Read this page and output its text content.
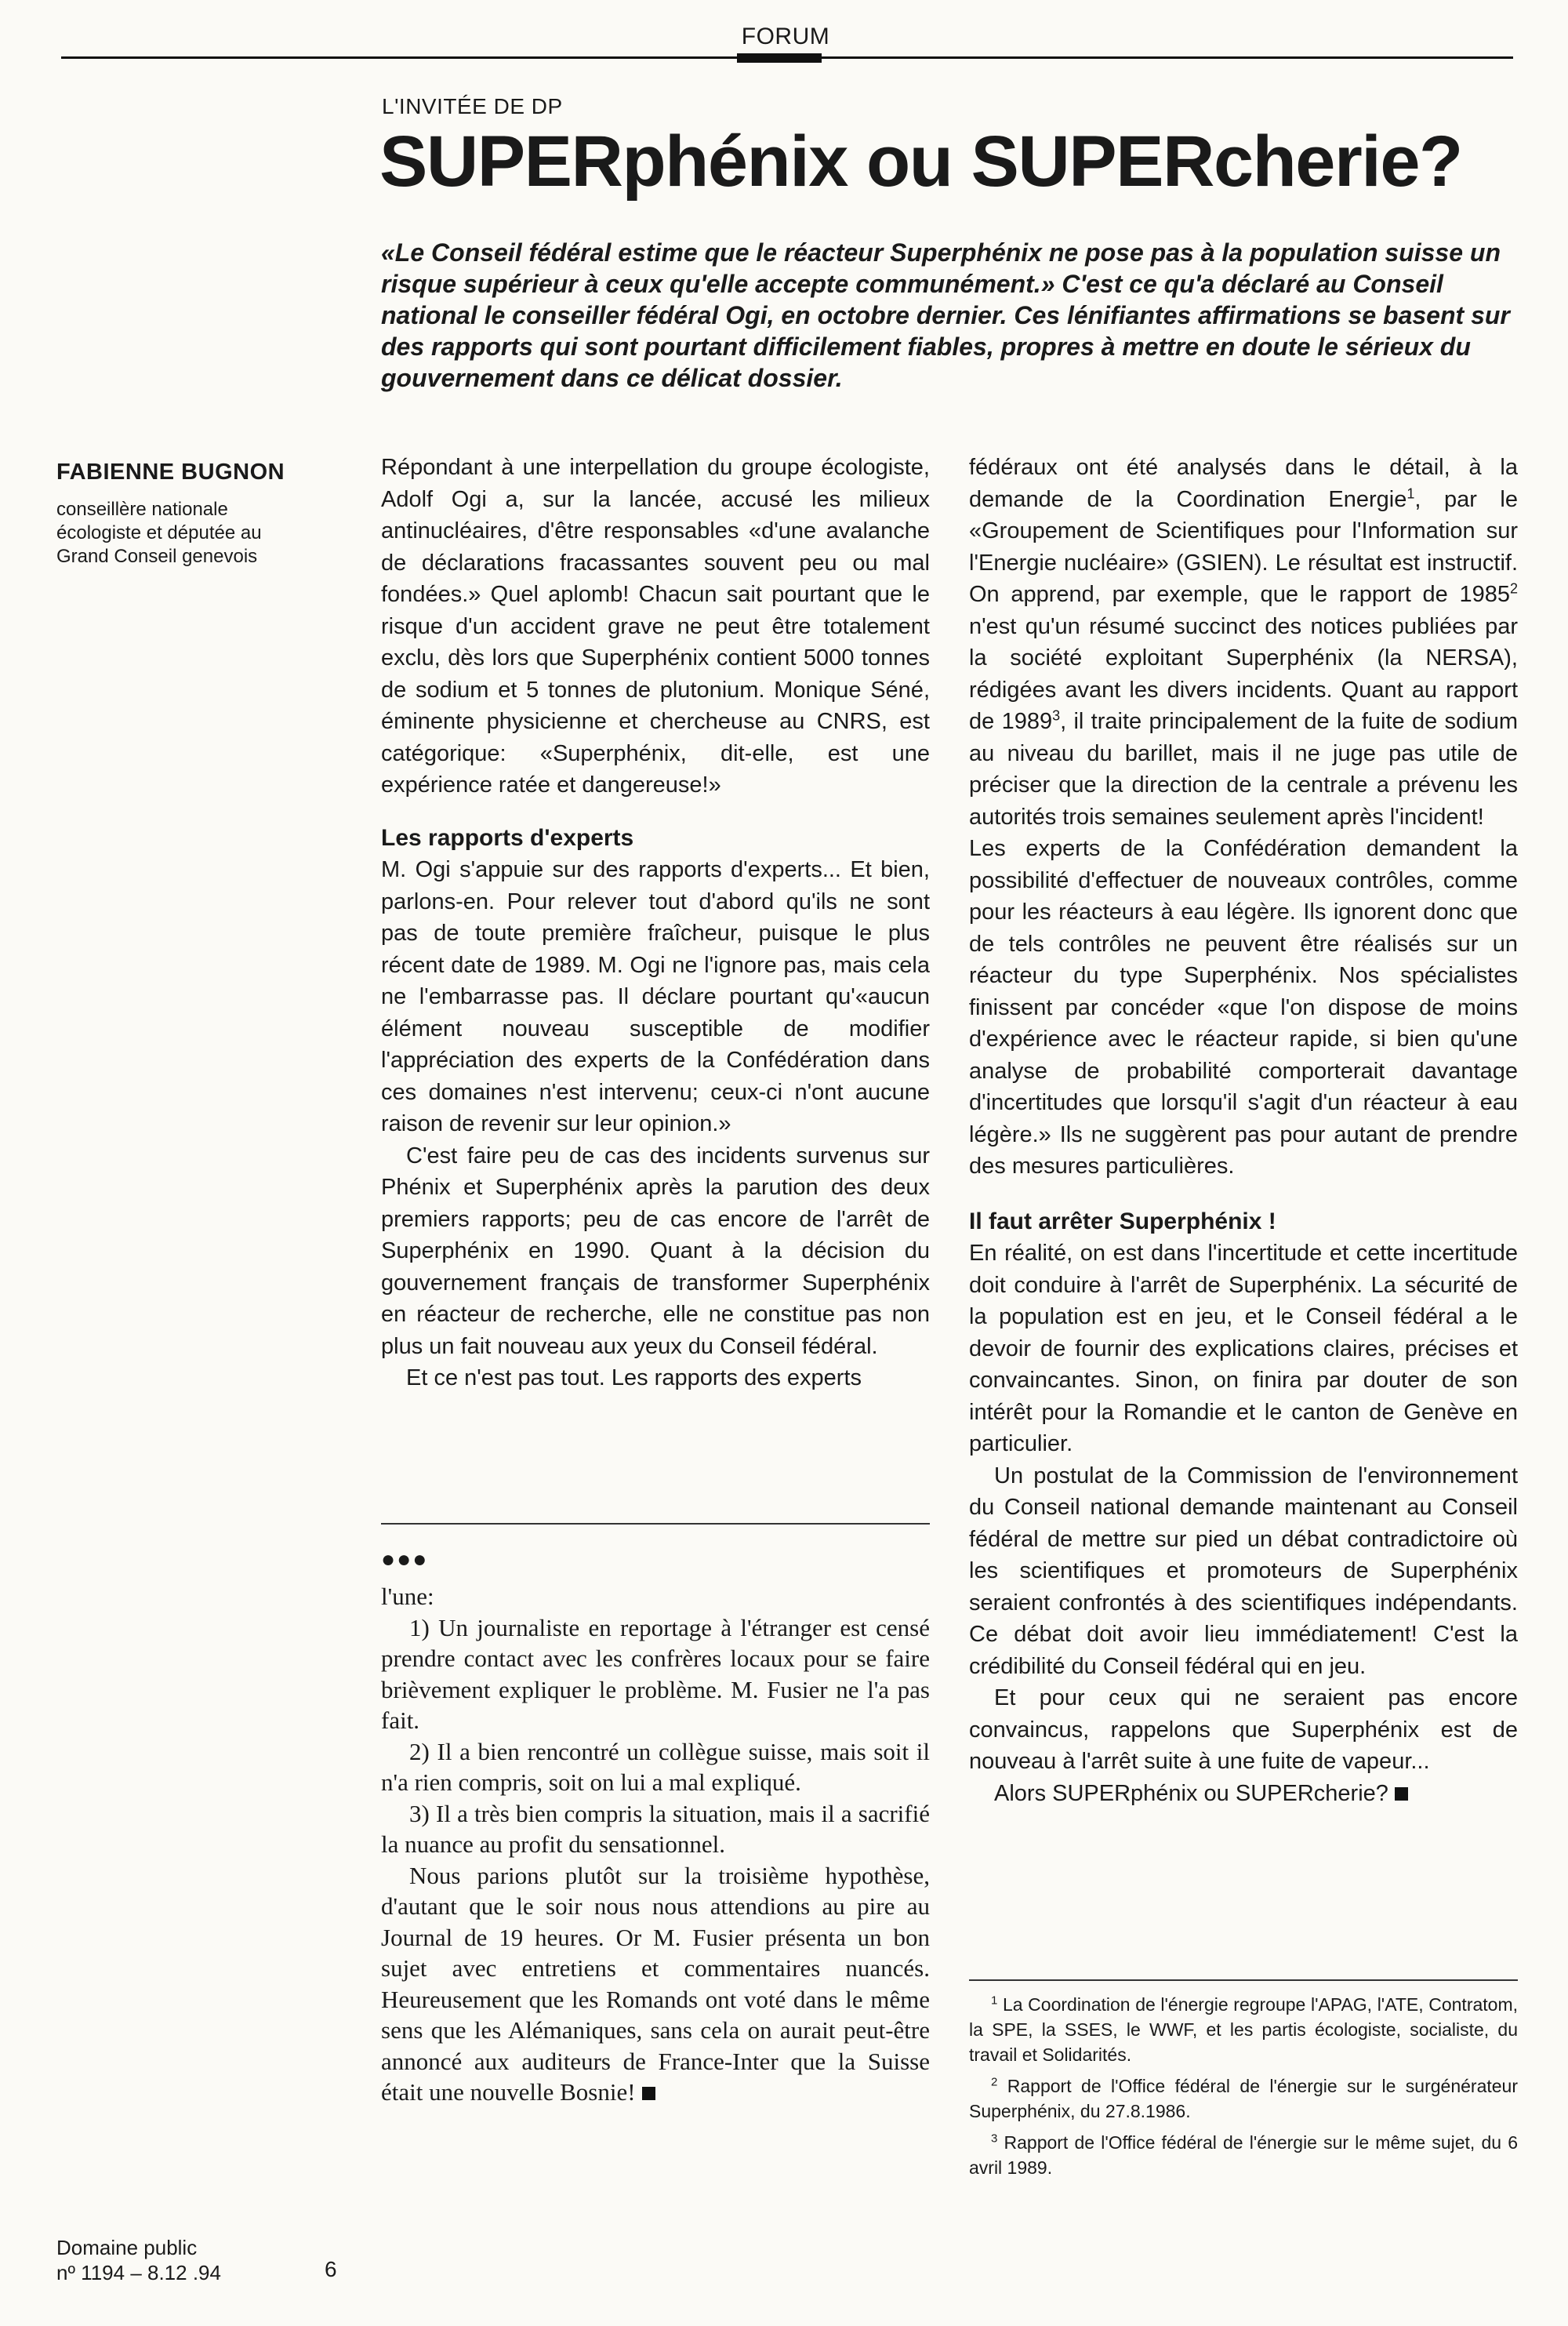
FORUM
L'INVITÉE DE DP
SUPERphénix ou SUPERcherie?
«Le Conseil fédéral estime que le réacteur Superphénix ne pose pas à la population suisse un risque supérieur à ceux qu'elle accepte communément.» C'est ce qu'a déclaré au Conseil national le conseiller fédéral Ogi, en octobre dernier. Ces lénifiantes affirmations se basent sur des rapports qui sont pourtant difficilement fiables, propres à mettre en doute le sérieux du gouvernement dans ce délicat dossier.
FABIENNE BUGNON
conseillère nationale écologiste et députée au Grand Conseil genevois

Répondant à une interpellation du groupe écologiste, Adolf Ogi a, sur la lancée, accusé les milieux antinucléaires, d'être responsables «d'une avalanche de déclarations fracassantes souvent peu ou mal fondées.» Quel aplomb! Chacun sait pourtant que le risque d'un accident grave ne peut être totalement exclu, dès lors que Superphénix contient 5000 tonnes de sodium et 5 tonnes de plutonium. Monique Séné, éminente physicienne et chercheuse au CNRS, est catégorique: «Superphénix, dit-elle, est une expérience ratée et dangereuse!»

Les rapports d'experts

M. Ogi s'appuie sur des rapports d'experts... Et bien, parlons-en. Pour relever tout d'abord qu'ils ne sont pas de toute première fraîcheur, puisque le plus récent date de 1989. M. Ogi ne l'ignore pas, mais cela ne l'embarrasse pas. Il déclare pourtant qu'«aucun élément nouveau susceptible de modifier l'appréciation des experts de la Confédération dans ces domaines n'est intervenu; ceux-ci n'ont aucune raison de revenir sur leur opinion.»

C'est faire peu de cas des incidents survenus sur Phénix et Superphénix après la parution des deux premiers rapports; peu de cas encore de l'arrêt de Superphénix en 1990. Quant à la décision du gouvernement français de transformer Superphénix en réacteur de recherche, elle ne constitue pas non plus un fait nouveau aux yeux du Conseil fédéral.

Et ce n'est pas tout. Les rapports des experts

●●●

l'une:

1) Un journaliste en reportage à l'étranger est censé prendre contact avec les confrères locaux pour se faire brièvement expliquer le problème. M. Fusier ne l'a pas fait.

2) Il a bien rencontré un collègue suisse, mais soit il n'a rien compris, soit on lui a mal expliqué.

3) Il a très bien compris la situation, mais il a sacrifié la nuance au profit du sensationnel.

Nous parions plutôt sur la troisième hypothèse, d'autant que le soir nous nous attendions au pire au Journal de 19 heures. Or M. Fusier présenta un bon sujet avec entretiens et commentaires nuancés. Heureusement que les Romands ont voté dans le même sens que les Alémaniques, sans cela on aurait peut-être annoncé aux auditeurs de France-Inter que la Suisse était une nouvelle Bosnie!

fédéraux ont été analysés dans le détail, à la demande de la Coordination Energie$^1$, par le «Groupement de Scientifiques pour l'Information sur l'Energie nucléaire» (GSIEN). Le résultat est instructif. On apprend, par exemple, que le rapport de 1985$^2$ n'est qu'un résumé succinct des notices publiées par la société exploitant Superphénix (la NERSA), rédigées avant les divers incidents. Quant au rapport de 1989$^3$, il traite principalement de la fuite de sodium au niveau du barillet, mais il ne juge pas utile de préciser que la direction de la centrale a prévenu les autorités trois semaines seulement après l'incident!

Les experts de la Confédération demandent la possibilité d'effectuer de nouveaux contrôles, comme pour les réacteurs à eau légère. Ils ignorent donc que de tels contrôles ne peuvent être réalisés sur un réacteur du type Superphénix. Nos spécialistes finissent par concéder «que l'on dispose de moins d'expérience avec le réacteur rapide, si bien qu'une analyse de probabilité comporterait davantage d'incertitudes que lorsqu'il s'agit d'un réacteur à eau légère.» Ils ne suggèrent pas pour autant de prendre des mesures particulières.

Il faut arrêter Superphénix !

En réalité, on est dans l'incertitude et cette incertitude doit conduire à l'arrêt de Superphénix. La sécurité de la population est en jeu, et le Conseil fédéral a le devoir de fournir des explications claires, précises et convaincantes. Sinon, on finira par douter de son intérêt pour la Romandie et le canton de Genève en particulier.

Un postulat de la Commission de l'environnement du Conseil national demande maintenant au Conseil fédéral de mettre sur pied un débat contradictoire où les scientifiques et promoteurs de Superphénix seraient confrontés à des scientifiques indépendants. Ce débat doit avoir lieu immédiatement! C'est la crédibilité du Conseil fédéral qui en jeu.

Et pour ceux qui ne seraient pas encore convaincus, rappelons que Superphénix est de nouveau à l'arrêt suite à une fuite de vapeur...

Alors SUPERphénix ou SUPERcherie?

$^1$ La Coordination de l'énergie regroupe l'APAG, l'ATE, Contratom, la SPE, la SSES, le WWF, et les partis écologiste, socialiste, du travail et Solidarités.

$^2$ Rapport de l'Office fédéral de l'énergie sur le surgénérateur Superphénix, du 27.8.1986.

$^3$ Rapport de l'Office fédéral de l'énergie sur le même sujet, du 6 avril 1989.

Domaine public
nº 1194 – 8.12 .94	6
